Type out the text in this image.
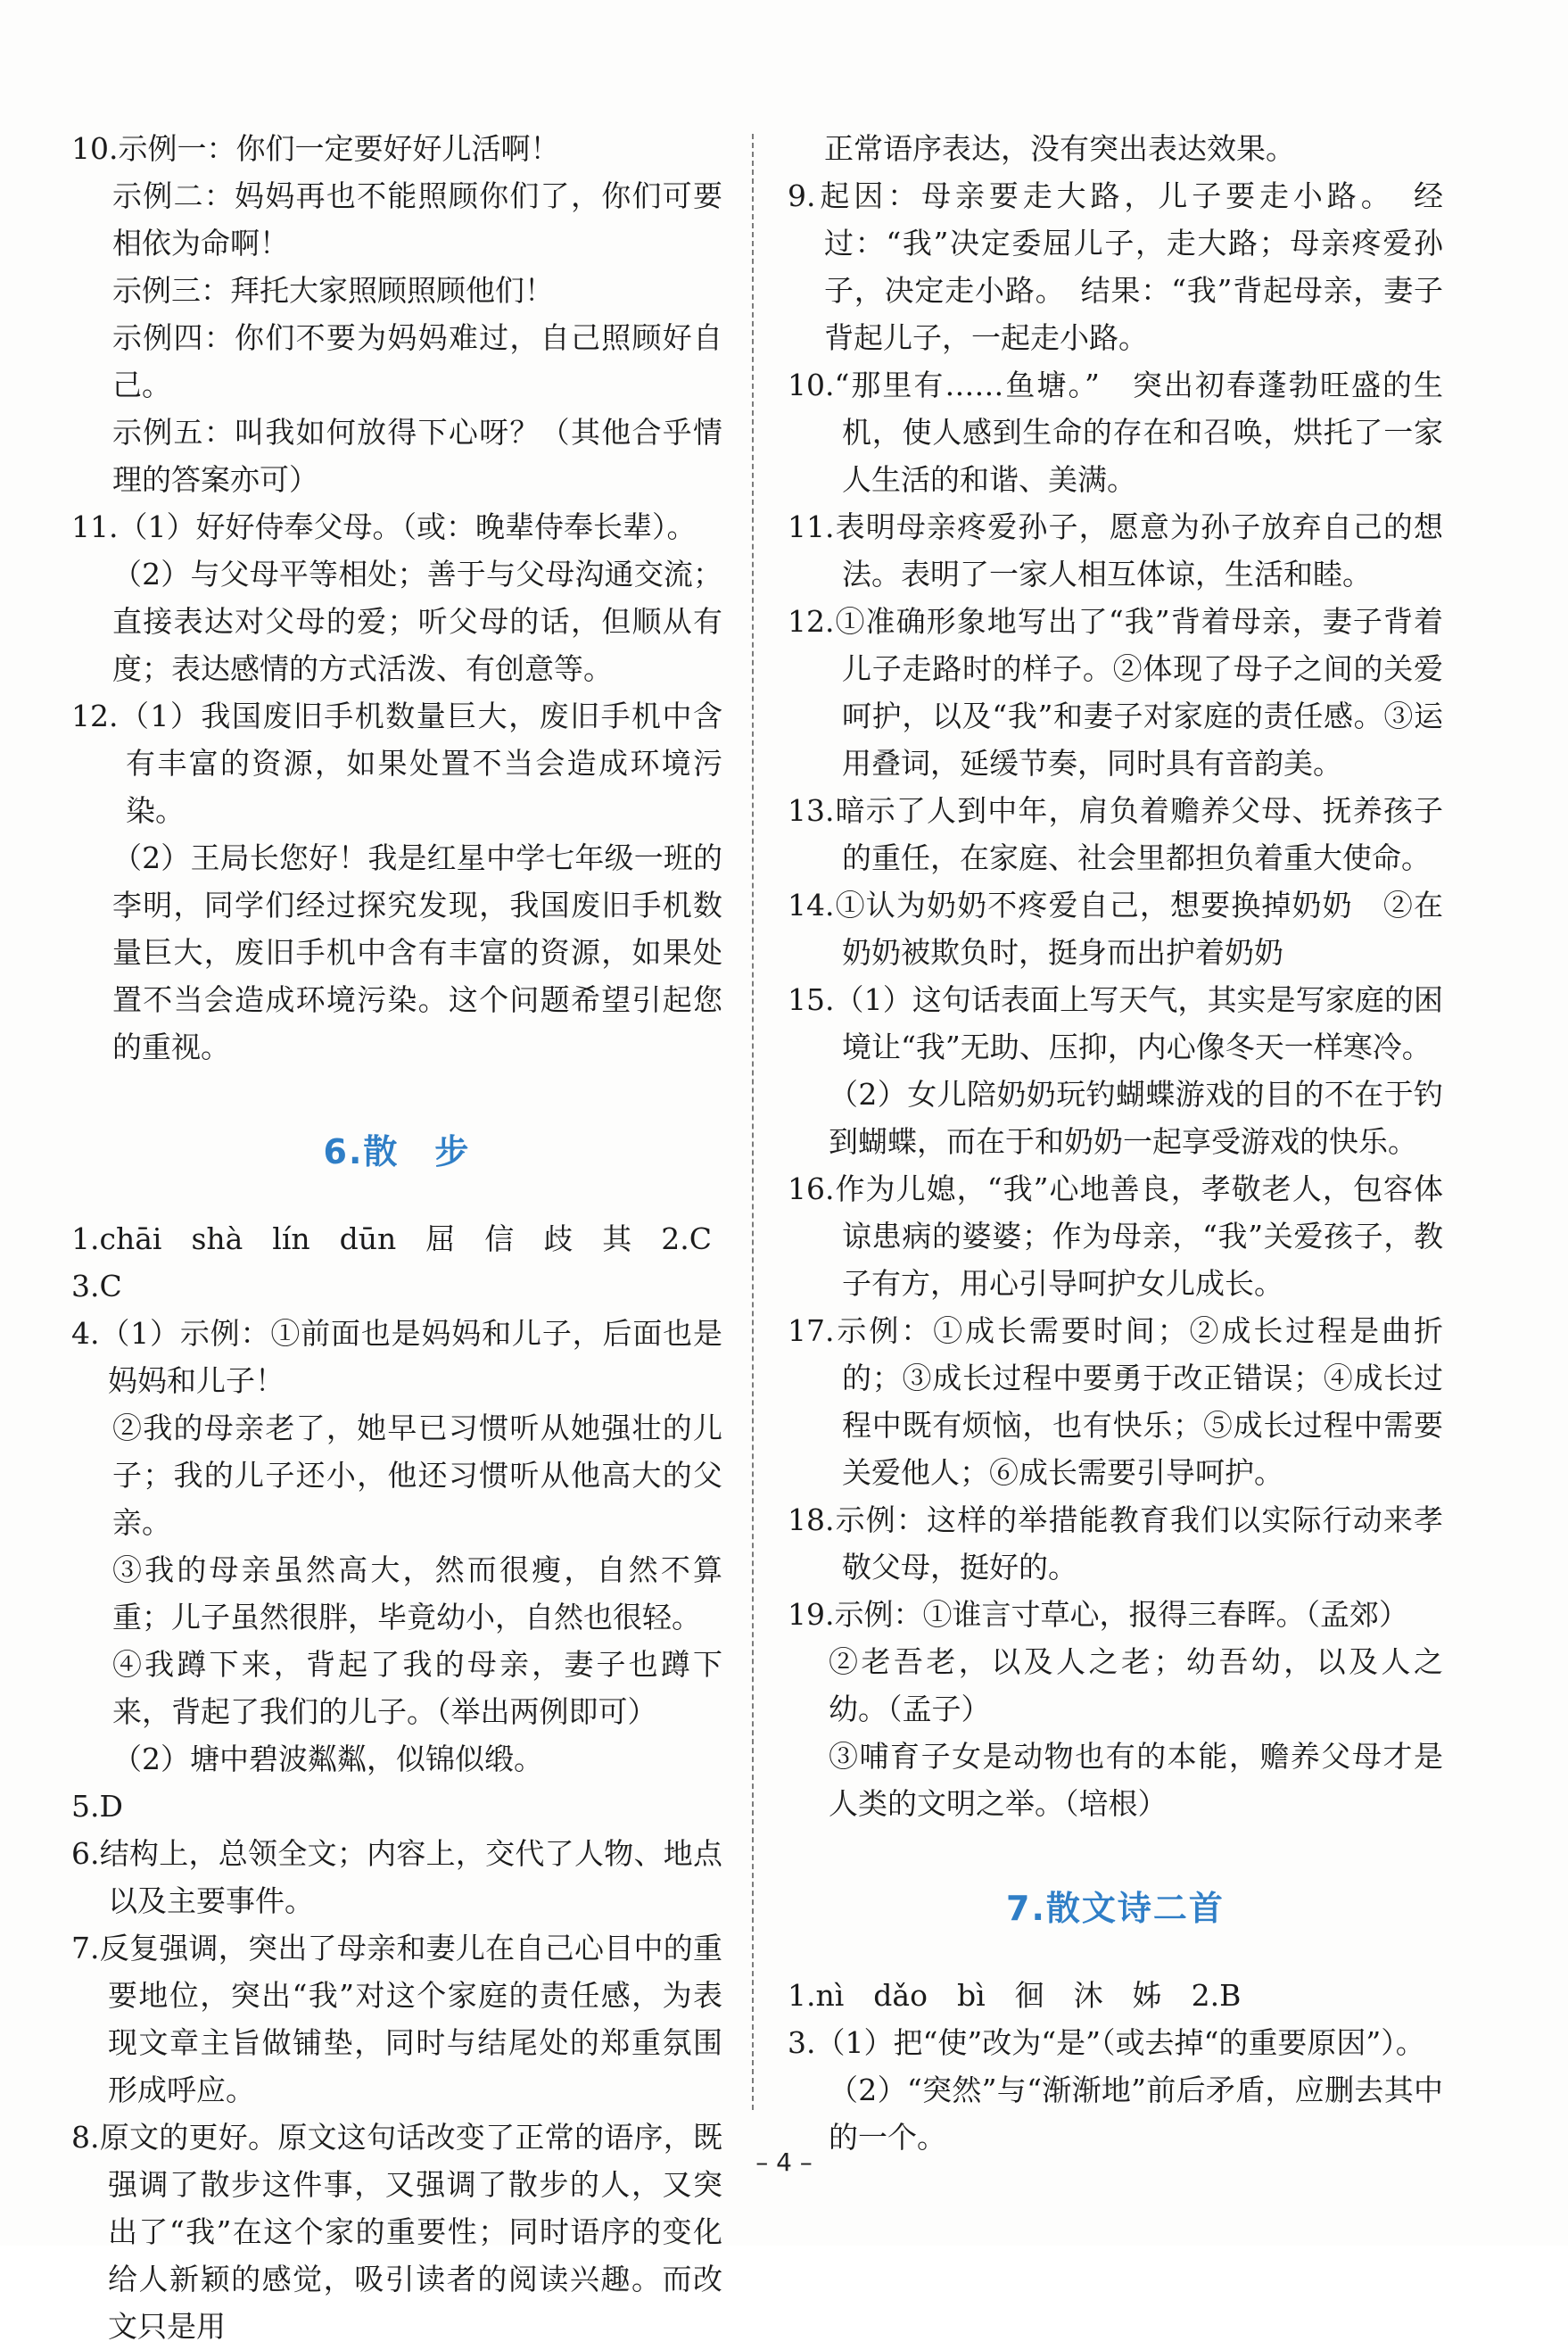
10.示例一：你们一定要好好儿活啊！

示例二：妈妈再也不能照顾你们了，你们可要相依为命啊！

示例三：拜托大家照顾照顾他们！

示例四：你们不要为妈妈难过，自己照顾好自己。

示例五：叫我如何放得下心呀？（其他合乎情理的答案亦可）

11.（1）好好侍奉父母。（或：晚辈侍奉长辈）。

（2）与父母平等相处；善于与父母沟通交流；直接表达对父母的爱；听父母的话，但顺从有度；表达感情的方式活泼、有创意等。

12.（1）我国废旧手机数量巨大，废旧手机中含有丰富的资源，如果处置不当会造成环境污染。

（2）王局长您好！我是红星中学七年级一班的李明，同学们经过探究发现，我国废旧手机数量巨大，废旧手机中含有丰富的资源，如果处置不当会造成环境污染。这个问题希望引起您的重视。

6.散　步

1.chāi　shà　lín　dūn　屈　信　歧　其　2.C

3.C

4.（1）示例：①前面也是妈妈和儿子，后面也是妈妈和儿子！

②我的母亲老了，她早已习惯听从她强壮的儿子；我的儿子还小，他还习惯听从他高大的父亲。

③我的母亲虽然高大，然而很瘦，自然不算重；儿子虽然很胖，毕竟幼小，自然也很轻。

④我蹲下来，背起了我的母亲，妻子也蹲下来，背起了我们的儿子。（举出两例即可）

（2）塘中碧波粼粼，似锦似缎。

5.D

6.结构上，总领全文；内容上，交代了人物、地点以及主要事件。

7.反复强调，突出了母亲和妻儿在自己心目中的重要地位，突出“我”对这个家庭的责任感，为表现文章主旨做铺垫，同时与结尾处的郑重氛围形成呼应。

8.原文的更好。原文这句话改变了正常的语序，既强调了散步这件事，又强调了散步的人，又突出了“我”在这个家的重要性；同时语序的变化给人新颖的感觉，吸引读者的阅读兴趣。而改文只是用

正常语序表达，没有突出表达效果。

9.起因：母亲要走大路，儿子要走小路。　经过：“我”决定委屈儿子，走大路；母亲疼爱孙子，决定走小路。　结果：“我”背起母亲，妻子背起儿子，一起走小路。

10.“那里有……鱼塘。”　突出初春蓬勃旺盛的生机，使人感到生命的存在和召唤，烘托了一家人生活的和谐、美满。

11.表明母亲疼爱孙子，愿意为孙子放弃自己的想法。表明了一家人相互体谅，生活和睦。

12.①准确形象地写出了“我”背着母亲，妻子背着儿子走路时的样子。②体现了母子之间的关爱呵护，以及“我”和妻子对家庭的责任感。③运用叠词，延缓节奏，同时具有音韵美。

13.暗示了人到中年，肩负着赡养父母、抚养孩子的重任，在家庭、社会里都担负着重大使命。

14.①认为奶奶不疼爱自己，想要换掉奶奶　②在奶奶被欺负时，挺身而出护着奶奶

15.（1）这句话表面上写天气，其实是写家庭的困境让“我”无助、压抑，内心像冬天一样寒冷。

（2）女儿陪奶奶玩钓蝴蝶游戏的目的不在于钓到蝴蝶，而在于和奶奶一起享受游戏的快乐。

16.作为儿媳，“我”心地善良，孝敬老人，包容体谅患病的婆婆；作为母亲，“我”关爱孩子，教子有方，用心引导呵护女儿成长。

17.示例：①成长需要时间；②成长过程是曲折的；③成长过程中要勇于改正错误；④成长过程中既有烦恼，也有快乐；⑤成长过程中需要关爱他人；⑥成长需要引导呵护。

18.示例：这样的举措能教育我们以实际行动来孝敬父母，挺好的。

19.示例：①谁言寸草心，报得三春晖。（孟郊）

②老吾老，以及人之老；幼吾幼，以及人之幼。（孟子）

③哺育子女是动物也有的本能，赡养父母才是人类的文明之举。（培根）

7.散文诗二首

1.nì　dǎo　bì　徊　沐　姊　2.B

3.（1）把“使”改为“是”（或去掉“的重要原因”）。

（2）“突然”与“渐渐地”前后矛盾，应删去其中的一个。

– 4 –
